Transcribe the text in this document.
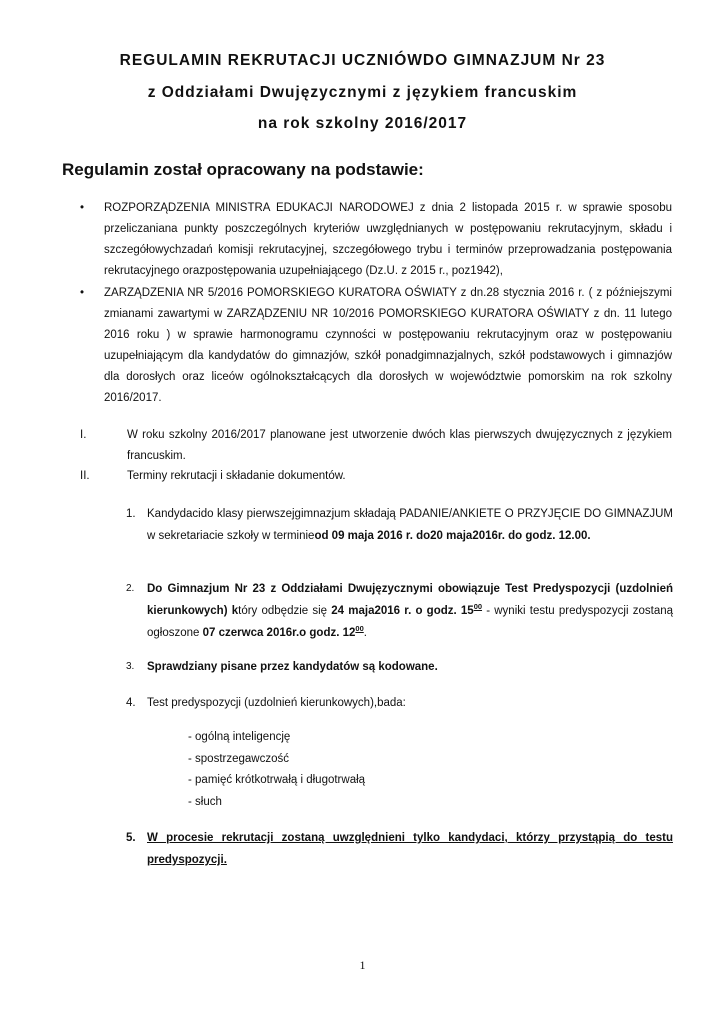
REGULAMIN REKRUTACJI UCZNIÓWDO GIMNAZJUM Nr 23
z Oddziałami Dwujęzycznymi z językiem francuskim
na rok szkolny 2016/2017
Regulamin został opracowany na podstawie:
•	ROZPORZĄDZENIA MINISTRA EDUKACJI NARODOWEJ z dnia 2 listopada 2015 r. w sprawie sposobu przeliczaniana punkty poszczególnych kryteriów uwzględnianych w postępowaniu rekrutacyjnym, składu i szczegółowychzadań komisji rekrutacyjnej, szczegółowego trybu i terminów przeprowadzania postępowania rekrutacyjnego orazpostępowania uzupełniającego (Dz.U. z 2015 r., poz1942),
•	ZARZĄDZENIA NR 5/2016 POMORSKIEGO KURATORA OŚWIATY z dn.28 stycznia 2016 r. ( z późniejszymi zmianami zawartymi w ZARZĄDZENIU NR 10/2016 POMORSKIEGO KURATORA OŚWIATY z dn. 11 lutego 2016 roku ) w sprawie harmonogramu czynności w postępowaniu rekrutacyjnym oraz w postępowaniu uzupełniającym dla kandydatów do gimnazjów, szkół ponadgimnazjalnych, szkół podstawowych i gimnazjów dla dorosłych oraz liceów ogólnokształcących dla dorosłych w województwie pomorskim na rok szkolny 2016/2017.
I.	W roku szkolny 2016/2017 planowane jest utworzenie dwóch klas pierwszych dwujęzycznych z językiem francuskim.
II.	Terminy rekrutacji i składanie dokumentów.
1. Kandydacido klasy pierwszejgimnazjum składają PADANIE/ANKIETE O PRZYJĘCIE DO GIMNAZJUM w sekretariacie szkoły w terminieod 09 maja 2016 r. do20 maja2016r. do godz. 12.00.
2. Do Gimnazjum Nr 23 z Oddziałami Dwujęzycznymi obowiązuje Test Predyspozycji (uzdolnień kierunkowych) który odbędzie się 24 maja2016 r. o godz. $15^{00}$ - wyniki testu predyspozycji zostaną ogłoszone 07 czerwca 2016r.o godz. $12^{00}$.
3. Sprawdziany pisane przez kandydatów są kodowane.
4. Test predyspozycji (uzdolnień kierunkowych),bada:
- ogólną inteligencję
- spostrzegawczość
- pamięć krótkotrwałą i długotrwałą
- słuch
5. W procesie rekrutacji zostaną uwzględnieni tylko kandydaci, którzy przystąpią do testu predyspozycji.
1
